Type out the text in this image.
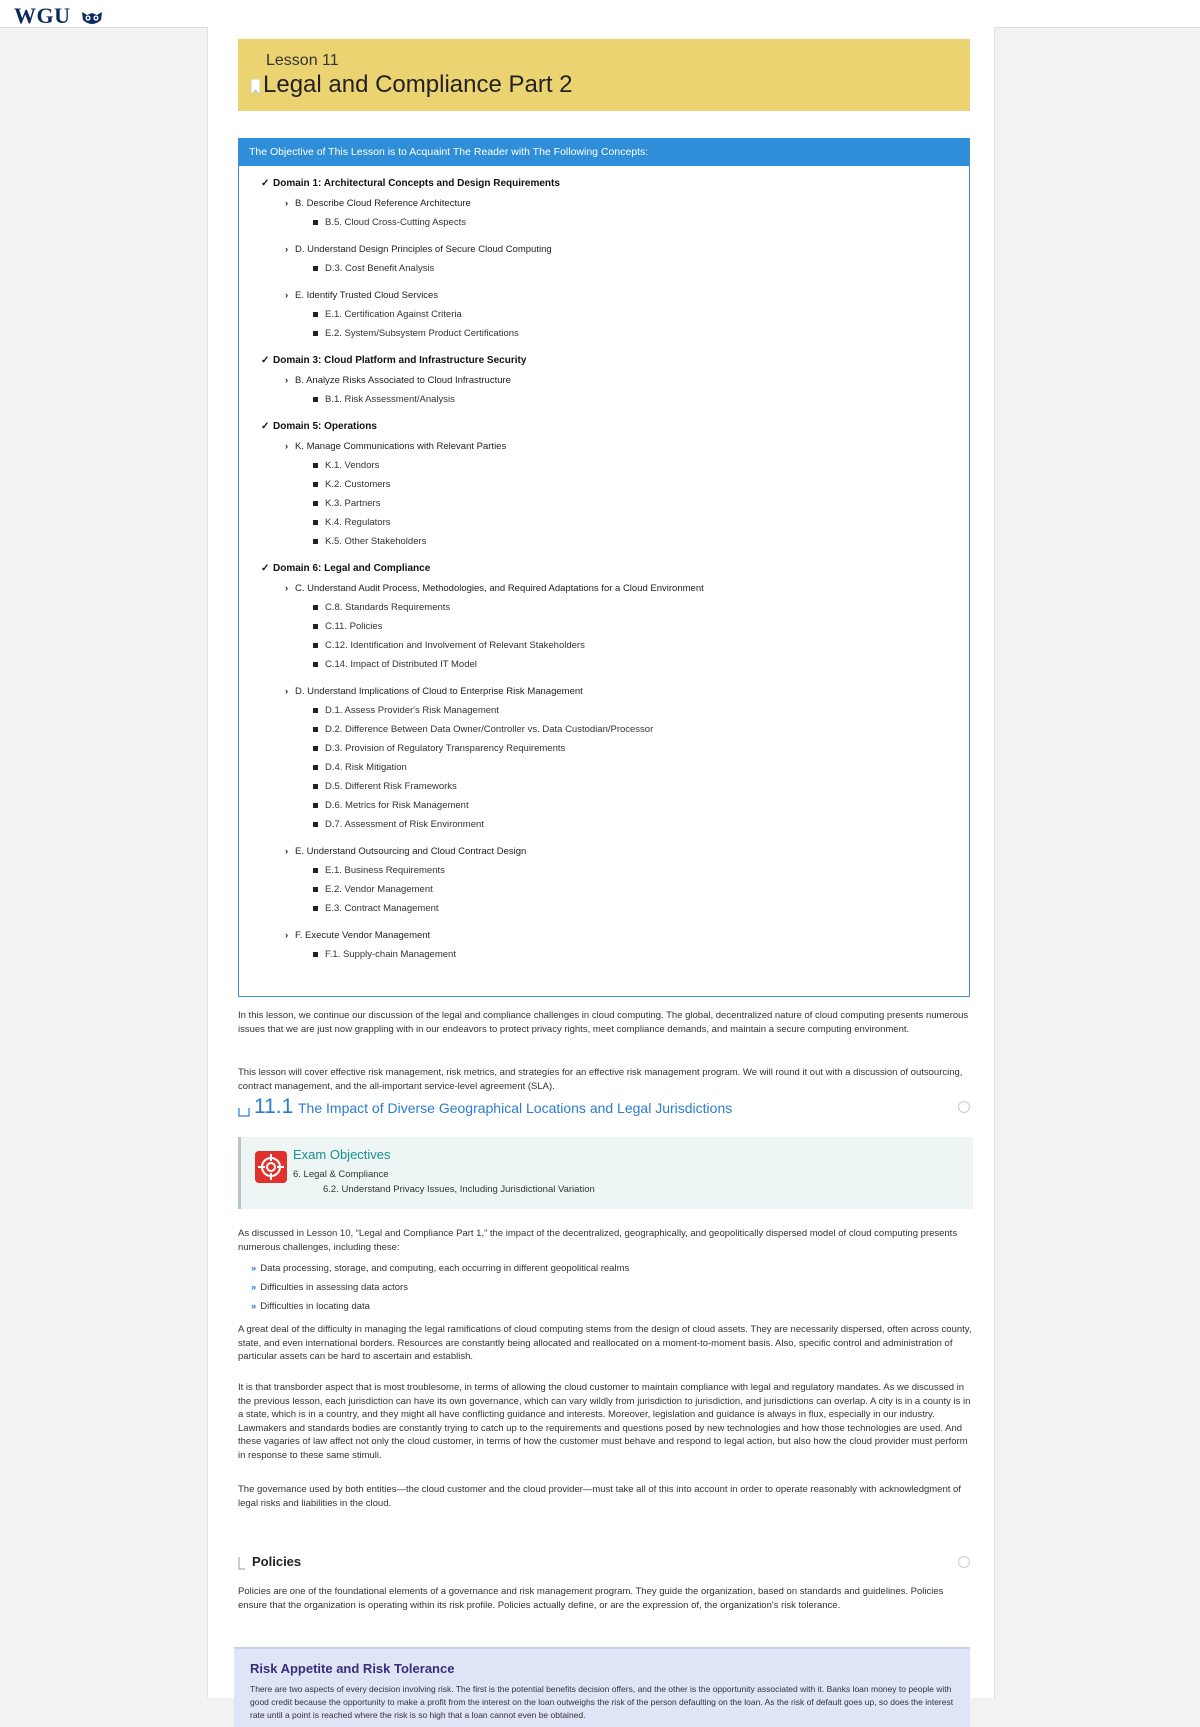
WGU
Lesson 11
Legal and Compliance Part 2
The Objective of This Lesson is to Acquaint The Reader with The Following Concepts:
✓ Domain 1: Architectural Concepts and Design Requirements
› B. Describe Cloud Reference Architecture
B.5. Cloud Cross-Cutting Aspects
› D. Understand Design Principles of Secure Cloud Computing
D.3. Cost Benefit Analysis
› E. Identify Trusted Cloud Services
E.1. Certification Against Criteria
E.2. System/Subsystem Product Certifications
✓ Domain 3: Cloud Platform and Infrastructure Security
› B. Analyze Risks Associated to Cloud Infrastructure
B.1. Risk Assessment/Analysis
✓ Domain 5: Operations
› K. Manage Communications with Relevant Parties
K.1. Vendors
K.2. Customers
K.3. Partners
K.4. Regulators
K.5. Other Stakeholders
✓ Domain 6: Legal and Compliance
› C. Understand Audit Process, Methodologies, and Required Adaptations for a Cloud Environment
C.8. Standards Requirements
C.11. Policies
C.12. Identification and Involvement of Relevant Stakeholders
C.14. Impact of Distributed IT Model
› D. Understand Implications of Cloud to Enterprise Risk Management
D.1. Assess Provider's Risk Management
D.2. Difference Between Data Owner/Controller vs. Data Custodian/Processor
D.3. Provision of Regulatory Transparency Requirements
D.4. Risk Mitigation
D.5. Different Risk Frameworks
D.6. Metrics for Risk Management
D.7. Assessment of Risk Environment
› E. Understand Outsourcing and Cloud Contract Design
E.1. Business Requirements
E.2. Vendor Management
E.3. Contract Management
› F. Execute Vendor Management
F.1. Supply-chain Management
In this lesson, we continue our discussion of the legal and compliance challenges in cloud computing. The global, decentralized nature of cloud computing presents numerous issues that we are just now grappling with in our endeavors to protect privacy rights, meet compliance demands, and maintain a secure computing environment.
This lesson will cover effective risk management, risk metrics, and strategies for an effective risk management program. We will round it out with a discussion of outsourcing, contract management, and the all-important service-level agreement (SLA).
11.1 The Impact of Diverse Geographical Locations and Legal Jurisdictions
Exam Objectives
6. Legal & Compliance
6.2. Understand Privacy Issues, Including Jurisdictional Variation
As discussed in Lesson 10, “Legal and Compliance Part 1,” the impact of the decentralized, geographically, and geopolitically dispersed model of cloud computing presents numerous challenges, including these:
» Data processing, storage, and computing, each occurring in different geopolitical realms
» Difficulties in assessing data actors
» Difficulties in locating data
A great deal of the difficulty in managing the legal ramifications of cloud computing stems from the design of cloud assets. They are necessarily dispersed, often across county, state, and even international borders. Resources are constantly being allocated and reallocated on a moment-to-moment basis. Also, specific control and administration of particular assets can be hard to ascertain and establish.
It is that transborder aspect that is most troublesome, in terms of allowing the cloud customer to maintain compliance with legal and regulatory mandates. As we discussed in the previous lesson, each jurisdiction can have its own governance, which can vary wildly from jurisdiction to jurisdiction, and jurisdictions can overlap. A city is in a county is in a state, which is in a country, and they might all have conflicting guidance and interests. Moreover, legislation and guidance is always in flux, especially in our industry. Lawmakers and standards bodies are constantly trying to catch up to the requirements and questions posed by new technologies and how those technologies are used. And these vagaries of law affect not only the cloud customer, in terms of how the customer must behave and respond to legal action, but also how the cloud provider must perform in response to these same stimuli.
The governance used by both entities—the cloud customer and the cloud provider—must take all of this into account in order to operate reasonably with acknowledgment of legal risks and liabilities in the cloud.
Policies
Policies are one of the foundational elements of a governance and risk management program. They guide the organization, based on standards and guidelines. Policies ensure that the organization is operating within its risk profile. Policies actually define, or are the expression of, the organization's risk tolerance.
Risk Appetite and Risk Tolerance
There are two aspects of every decision involving risk. The first is the potential benefits decision offers, and the other is the opportunity associated with it. Banks loan money to people with good credit because the opportunity to make a profit from the interest on the loan outweighs the risk of the person defaulting on the loan. As the risk of default goes up, so does the interest rate until a point is reached where the risk is so high that a loan cannot even be obtained.
